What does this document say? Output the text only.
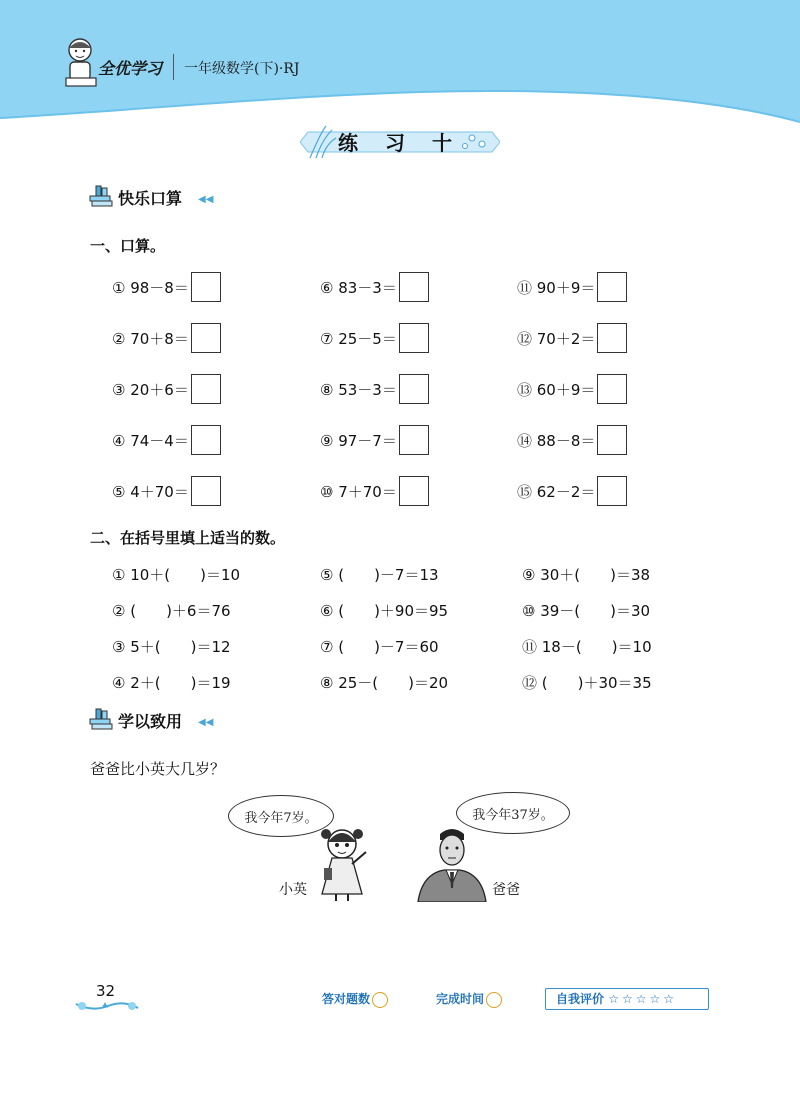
全优学习 一年级数学(下)·RJ
练 习 十
快乐口算 ◀◀
一、口算。
① 98－8＝	⑥ 83－3＝	⑪ 90＋9＝
② 70＋8＝	⑦ 25－5＝	⑫ 70＋2＝
③ 20＋6＝	⑧ 53－3＝	⑬ 60＋9＝
④ 74－4＝	⑨ 97－7＝	⑭ 88－8＝
⑤ 4＋70＝	⑩ 7＋70＝	⑮ 62－2＝
二、在括号里填上适当的数。
① 10＋(　　)＝10	⑤ (　　)－7＝13	⑨ 30＋(　　)＝38
② (　　)＋6＝76	⑥ (　　)＋90＝95	⑩ 39－(　　)＝30
③ 5＋(　　)＝12	⑦ (　　)－7＝60	⑪ 18－(　　)＝10
④ 2＋(　　)＝19	⑧ 25－(　　)＝20	⑫ (　　)＋30＝35
学以致用 ◀◀
爸爸比小英大几岁？
我今年7岁。	我今年37岁。
小英	爸爸
32	答对题数	完成时间	自我评价 ☆☆☆☆☆
